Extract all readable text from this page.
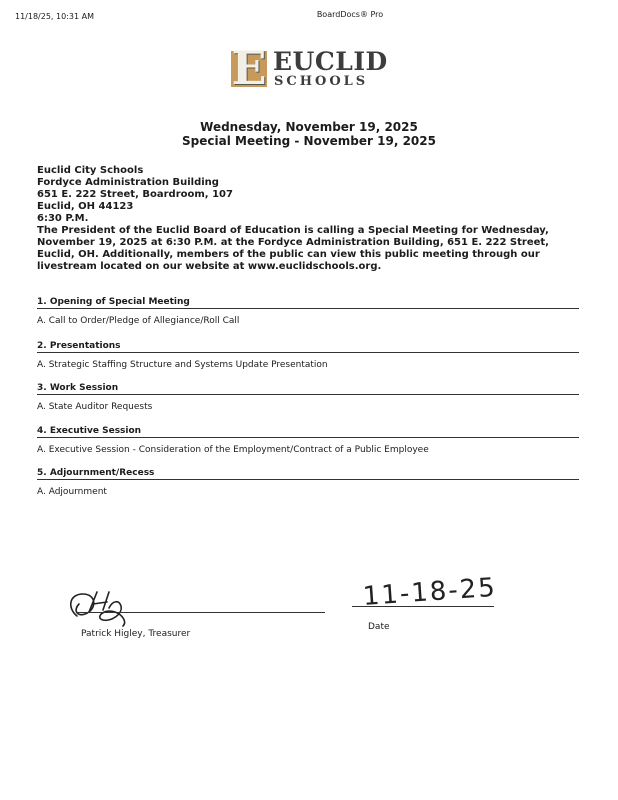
11/18/25, 10:31 AM	BoardDocs® Pro
E EUCLID
SCHOOLS
Wednesday, November 19, 2025
Special Meeting - November 19, 2025
Euclid City Schools
Fordyce Administration Building
651 E. 222 Street, Boardroom, 107
Euclid, OH 44123
6:30 P.M.

The President of the Euclid Board of Education is calling a Special Meeting for Wednesday, November 19, 2025 at 6:30 P.M. at the Fordyce Administration Building, 651 E. 222 Street, Euclid, OH. Additionally, members of the public can view this public meeting through our livestream located on our website at www.euclidschools.org.

1. Opening of Special Meeting
A. Call to Order/Pledge of Allegiance/Roll Call
2. Presentations
A. Strategic Staffing Structure and Systems Update Presentation
3. Work Session
A. State Auditor Requests
4. Executive Session
A. Executive Session - Consideration of the Employment/Contract of a Public Employee
5. Adjournment/Recess
A. Adjournment
Patrick Higley, Treasurer
11-18-25
Date
